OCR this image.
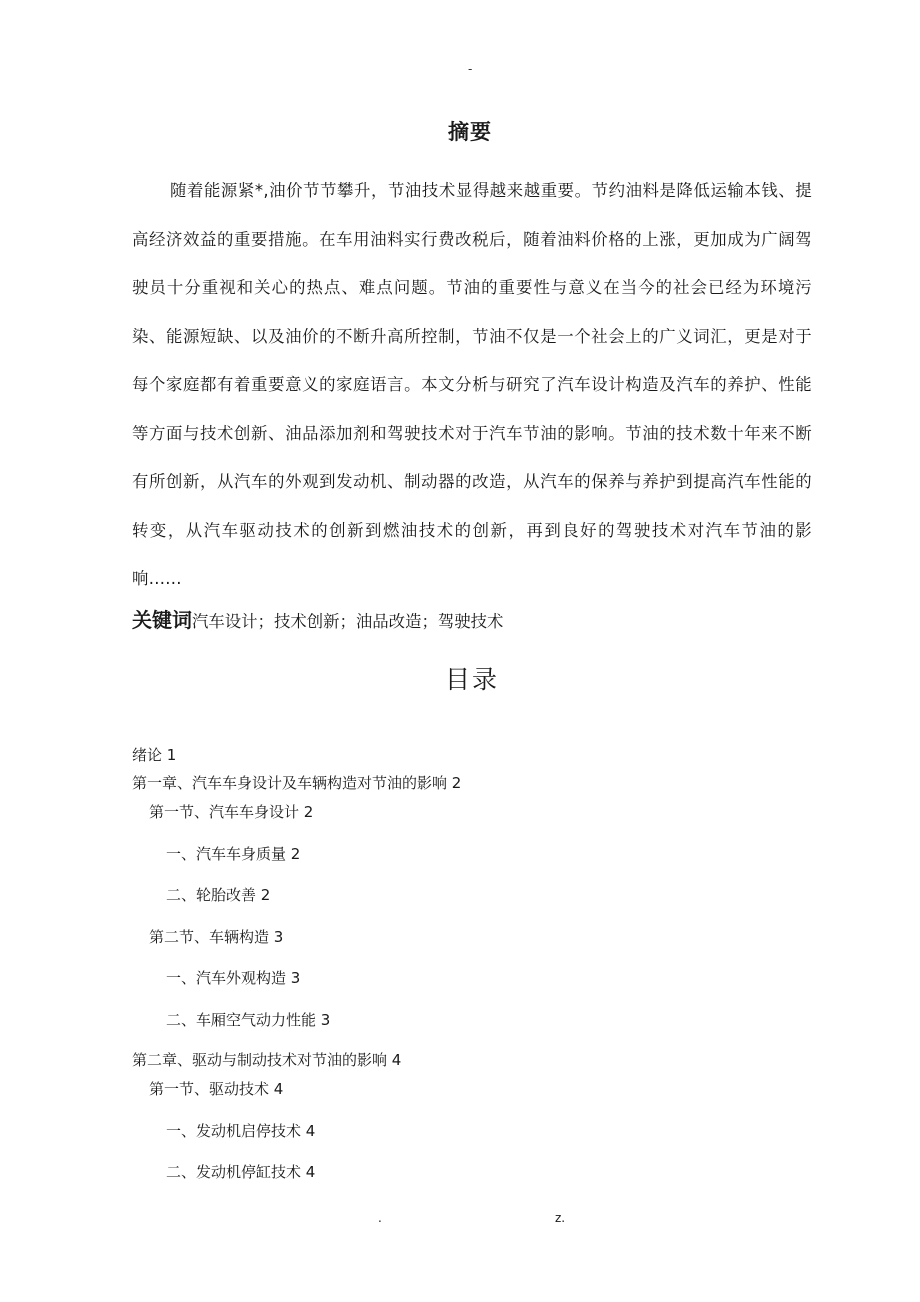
-
摘要

随着能源紧*,油价节节攀升，节油技术显得越来越重要。节约油料是降低运输本钱、提高经济效益的重要措施。在车用油料实行费改税后，随着油料价格的上涨，更加成为广阔驾驶员十分重视和关心的热点、难点问题。节油的重要性与意义在当今的社会已经为环境污染、能源短缺、以及油价的不断升高所控制，节油不仅是一个社会上的广义词汇，更是对于每个家庭都有着重要意义的家庭语言。本文分析与研究了汽车设计构造及汽车的养护、性能等方面与技术创新、油品添加剂和驾驶技术对于汽车节油的影响。节油的技术数十年来不断有所创新，从汽车的外观到发动机、制动器的改造，从汽车的保养与养护到提高汽车性能的转变，从汽车驱动技术的创新到燃油技术的创新，再到良好的驾驶技术对汽车节油的影响......

关键词汽车设计；技术创新；油品改造；驾驶技术
目录
绪论 1
第一章、汽车车身设计及车辆构造对节油的影响 2
第一节、汽车车身设计 2
一、汽车车身质量 2
二、轮胎改善 2
第二节、车辆构造 3
一、汽车外观构造 3
二、车厢空气动力性能 3
第二章、驱动与制动技术对节油的影响 4
第一节、驱动技术 4
一、发动机启停技术 4
二、发动机停缸技术 4
.	z.
